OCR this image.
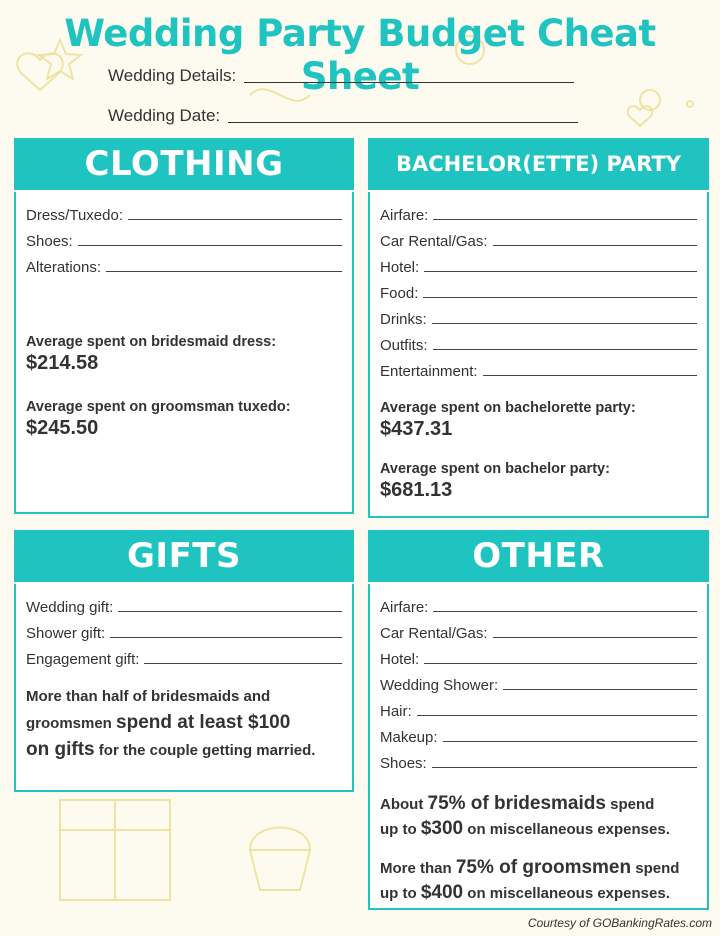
Wedding Party Budget Cheat Sheet
Wedding Details:
Wedding Date:
CLOTHING
Dress/Tuxedo:
Shoes:
Alterations:
Average spent on bridesmaid dress:
$214.58
Average spent on groomsman tuxedo:
$245.50
BACHELOR(ETTE) PARTY
Airfare:
Car Rental/Gas:
Hotel:
Food:
Drinks:
Outfits:
Entertainment:
Average spent on bachelorette party:
$437.31
Average spent on bachelor party:
$681.13
GIFTS
Wedding gift:
Shower gift:
Engagement gift:
More than half of bridesmaids and
groomsmen spend at least $100
on gifts for the couple getting married.
OTHER
Airfare:
Car Rental/Gas:
Hotel:
Wedding Shower:
Hair:
Makeup:
Shoes:
About 75% of bridesmaids spend
up to $300 on miscellaneous expenses.
More than 75% of groomsmen spend
up to $400 on miscellaneous expenses.
Courtesy of GOBankingRates.com
